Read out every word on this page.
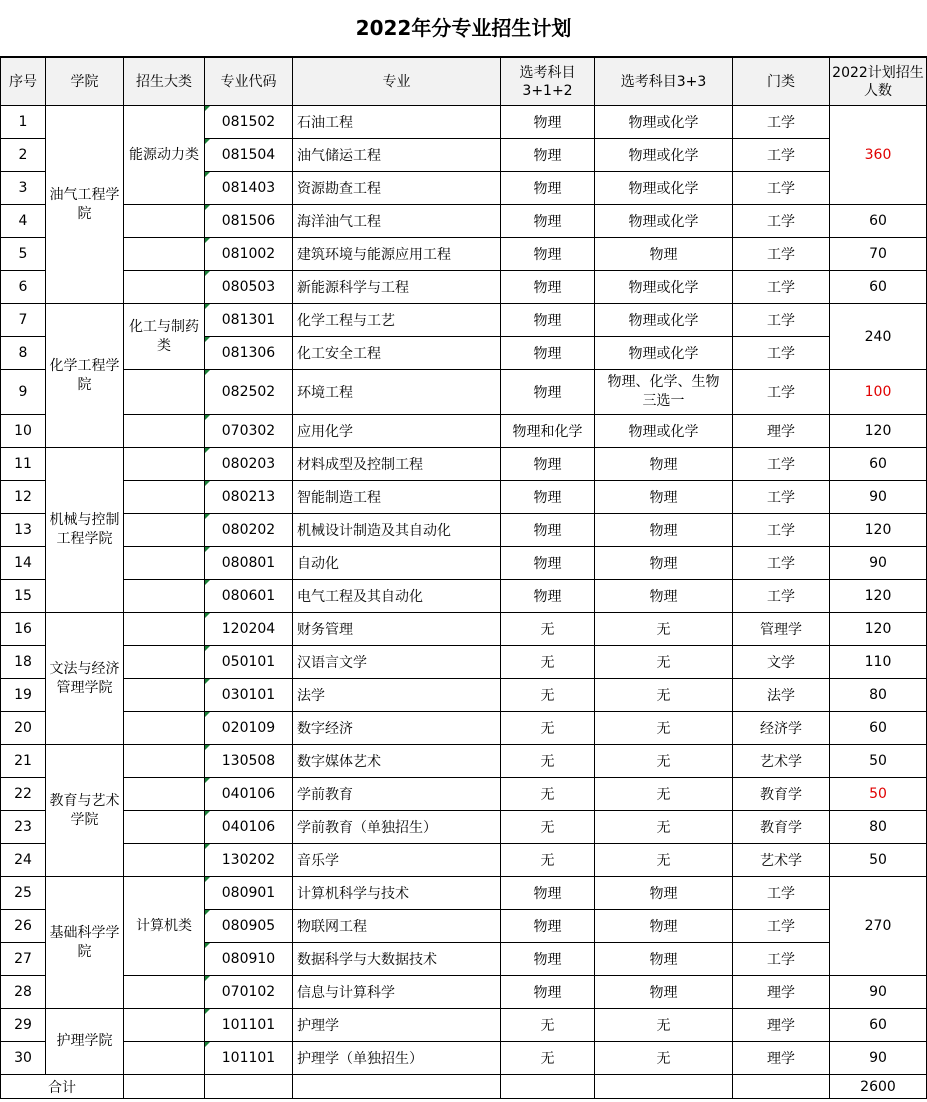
2022年分专业招生计划
序号	学院	招生大类	专业代码	专业	选考科目3+1+2	选考科目3+3	门类	2022计划招生人数
1	油气工程学院	能源动力类	081502	石油工程	物理	物理或化学	工学	360
2			081504	油气储运工程	物理	物理或化学	工学	
3			081403	资源勘查工程	物理	物理或化学	工学	
4			081506	海洋油气工程	物理	物理或化学	工学	60
5			081002	建筑环境与能源应用工程	物理	物理	工学	70
6			080503	新能源科学与工程	物理	物理或化学	工学	60
7	化学工程学院	化工与制药类	081301	化学工程与工艺	物理	物理或化学	工学	240
8			081306	化工安全工程	物理	物理或化学	工学	
9			082502	环境工程	物理	物理、化学、生物三选一	工学	100
10			070302	应用化学	物理和化学	物理或化学	理学	120
11	机械与控制工程学院		080203	材料成型及控制工程	物理	物理	工学	60
12			080213	智能制造工程	物理	物理	工学	90
13			080202	机械设计制造及其自动化	物理	物理	工学	120
14			080801	自动化	物理	物理	工学	90
15			080601	电气工程及其自动化	物理	物理	工学	120
16	文法与经济管理学院		120204	财务管理	无	无	管理学	120
18			050101	汉语言文学	无	无	文学	110
19			030101	法学	无	无	法学	80
20			020109	数字经济	无	无	经济学	60
21	教育与艺术学院		130508	数字媒体艺术	无	无	艺术学	50
22			040106	学前教育	无	无	教育学	50
23			040106	学前教育（单独招生）	无	无	教育学	80
24			130202	音乐学	无	无	艺术学	50
25	基础科学学院	计算机类	080901	计算机科学与技术	物理	物理	工学	270
26			080905	物联网工程	物理	物理	工学	
27			080910	数据科学与大数据技术	物理	物理	工学	
28			070102	信息与计算科学	物理	物理	理学	90
29	护理学院		101101	护理学	无	无	理学	60
30			101101	护理学（单独招生）	无	无	理学	90
合计								2600
